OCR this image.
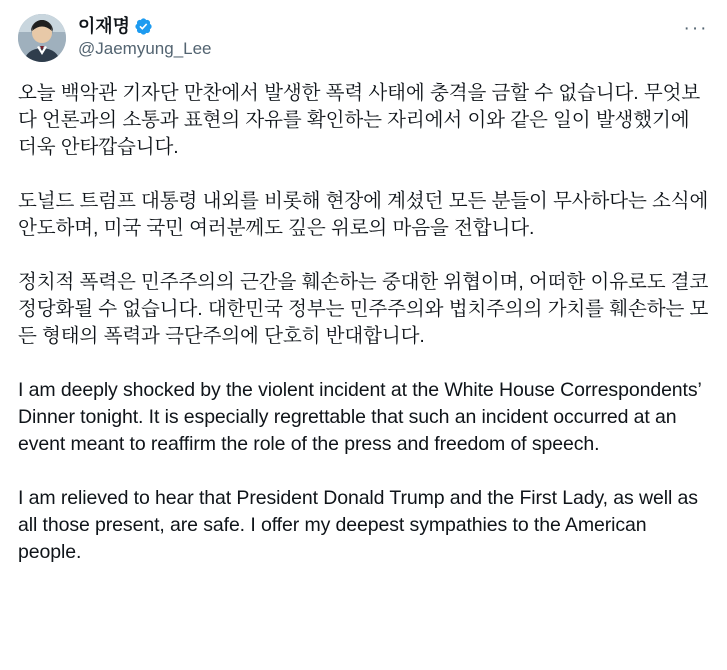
이재명
@Jaemyung_Lee
···

오늘 백악관 기자단 만찬에서 발생한 폭력 사태에 충격을 금할 수 없습니다. 무엇보다 언론과의 소통과 표현의 자유를 확인하는 자리에서 이와 같은 일이 발생했기에 더욱 안타깝습니다.

도널드 트럼프 대통령 내외를 비롯해 현장에 계셨던 모든 분들이 무사하다는 소식에 안도하며, 미국 국민 여러분께도 깊은 위로의 마음을 전합니다.

정치적 폭력은 민주주의의 근간을 훼손하는 중대한 위협이며, 어떠한 이유로도 결코 정당화될 수 없습니다. 대한민국 정부는 민주주의와 법치주의의 가치를 훼손하는 모든 형태의 폭력과 극단주의에 단호히 반대합니다.

I am deeply shocked by the violent incident at the White House Correspondents’ Dinner tonight. It is especially regrettable that such an incident occurred at an event meant to reaffirm the role of the press and freedom of speech.

I am relieved to hear that President Donald Trump and the First Lady, as well as all those present, are safe. I offer my deepest sympathies to the American people.
